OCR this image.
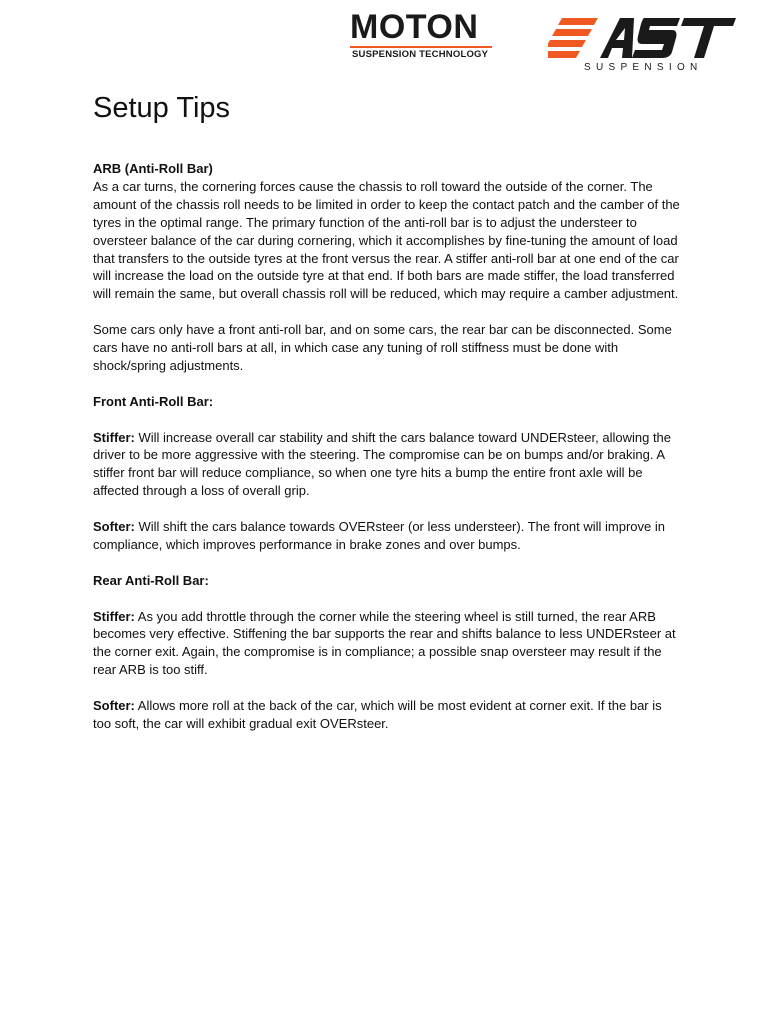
MOTON
SUSPENSION TECHNOLOGY
SUSPENSION
Setup Tips
ARB (Anti-Roll Bar)
As a car turns, the cornering forces cause the chassis to roll toward the outside of the corner. The amount of the chassis roll needs to be limited in order to keep the contact patch and the camber of the tyres in the optimal range. The primary function of the anti-roll bar is to adjust the understeer to oversteer balance of the car during cornering, which it accomplishes by fine-tuning the amount of load that transfers to the outside tyres at the front versus the rear. A stiffer anti-roll bar at one end of the car will increase the load on the outside tyre at that end. If both bars are made stiffer, the load transferred will remain the same, but overall chassis roll will be reduced, which may require a camber adjustment.

Some cars only have a front anti-roll bar, and on some cars, the rear bar can be disconnected. Some cars have no anti-roll bars at all, in which case any tuning of roll stiffness must be done with shock/spring adjustments.

Front Anti-Roll Bar:

Stiffer: Will increase overall car stability and shift the cars balance toward UNDERsteer, allowing the driver to be more aggressive with the steering. The compromise can be on bumps and/or braking. A stiffer front bar will reduce compliance, so when one tyre hits a bump the entire front axle will be affected through a loss of overall grip.

Softer: Will shift the cars balance towards OVERsteer (or less understeer). The front will improve in compliance, which improves performance in brake zones and over bumps.

Rear Anti-Roll Bar:

Stiffer: As you add throttle through the corner while the steering wheel is still turned, the rear ARB becomes very effective. Stiffening the bar supports the rear and shifts balance to less UNDERsteer at the corner exit. Again, the compromise is in compliance; a possible snap oversteer may result if the rear ARB is too stiff.

Softer: Allows more roll at the back of the car, which will be most evident at corner exit. If the bar is too soft, the car will exhibit gradual exit OVERsteer.
